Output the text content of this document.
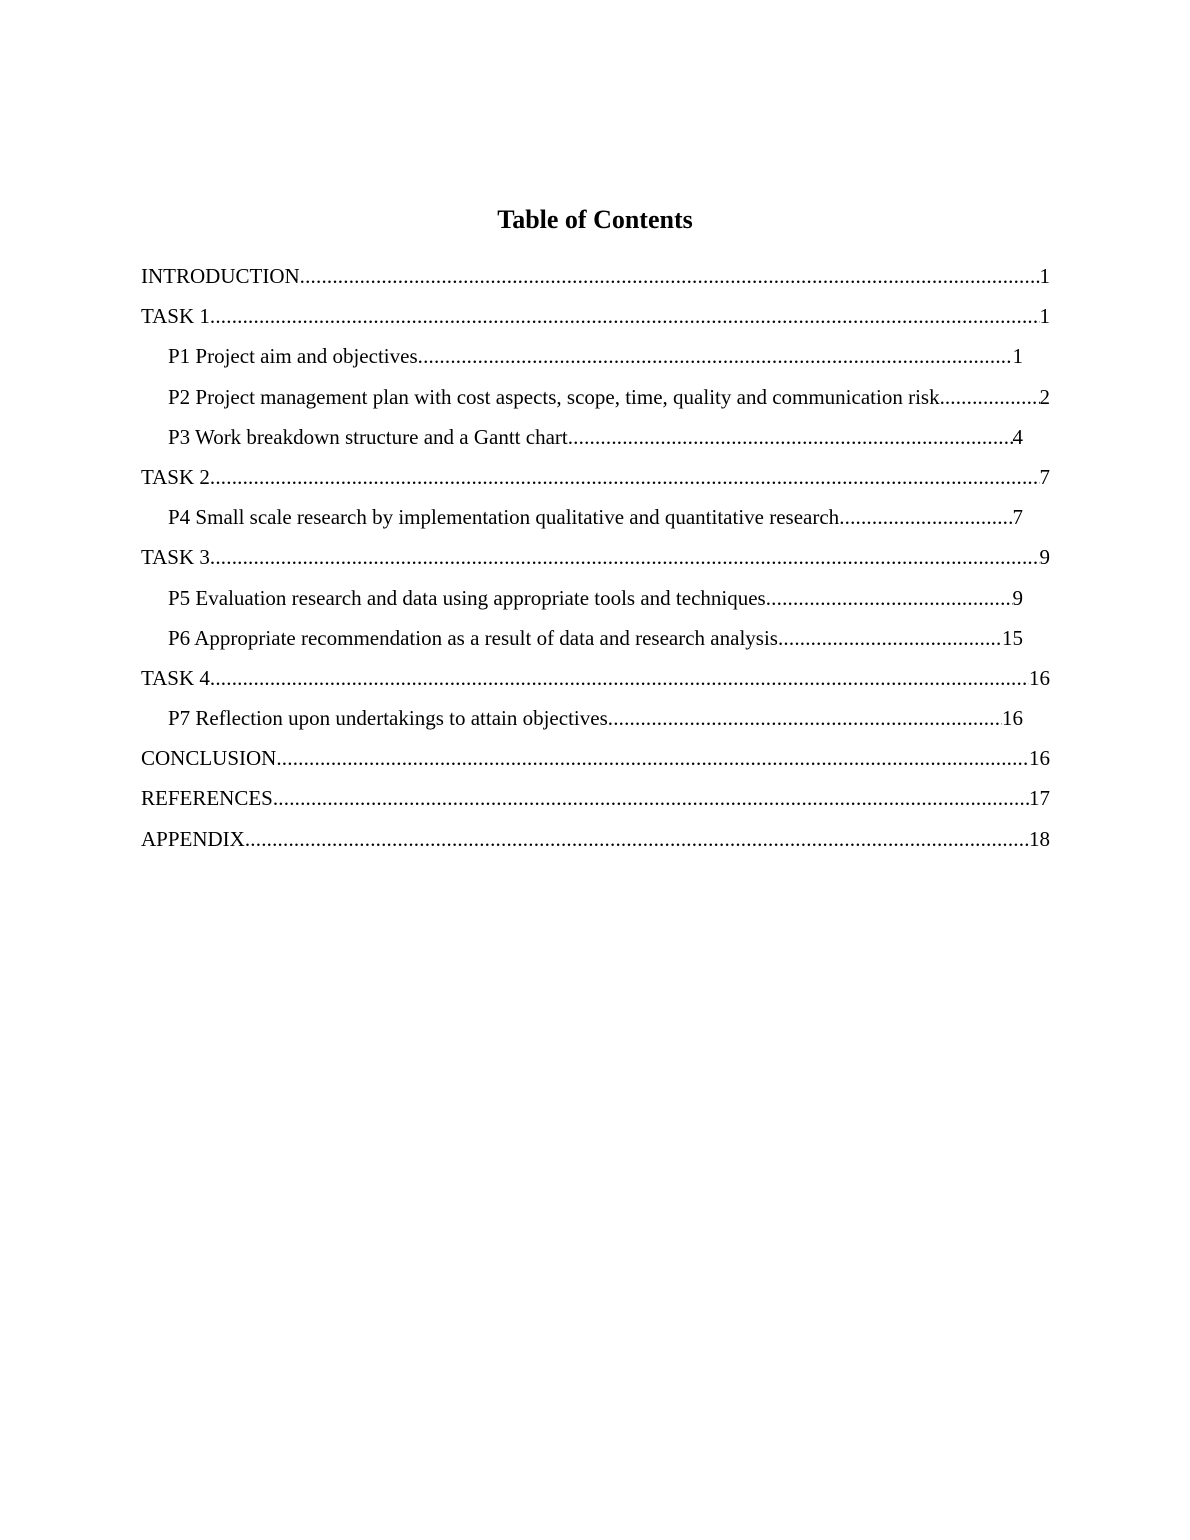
Table of Contents
INTRODUCTION .....	1
TASK 1 .....	1
P1 Project aim and objectives .....	1
P2 Project management plan with cost aspects, scope, time, quality and communication risk. .....	2
P3 Work breakdown structure and a Gantt chart .....	4
TASK 2 .....	7
P4 Small scale research by implementation qualitative and quantitative research .....	7
TASK 3 .....	9
P5 Evaluation research and data using appropriate tools and techniques .....	9
P6 Appropriate recommendation as a result of data and research analysis .....	15
TASK 4 .....	16
P7 Reflection upon undertakings to attain objectives .....	16
CONCLUSION .....	16
REFERENCES .....	17
APPENDIX .....	18
